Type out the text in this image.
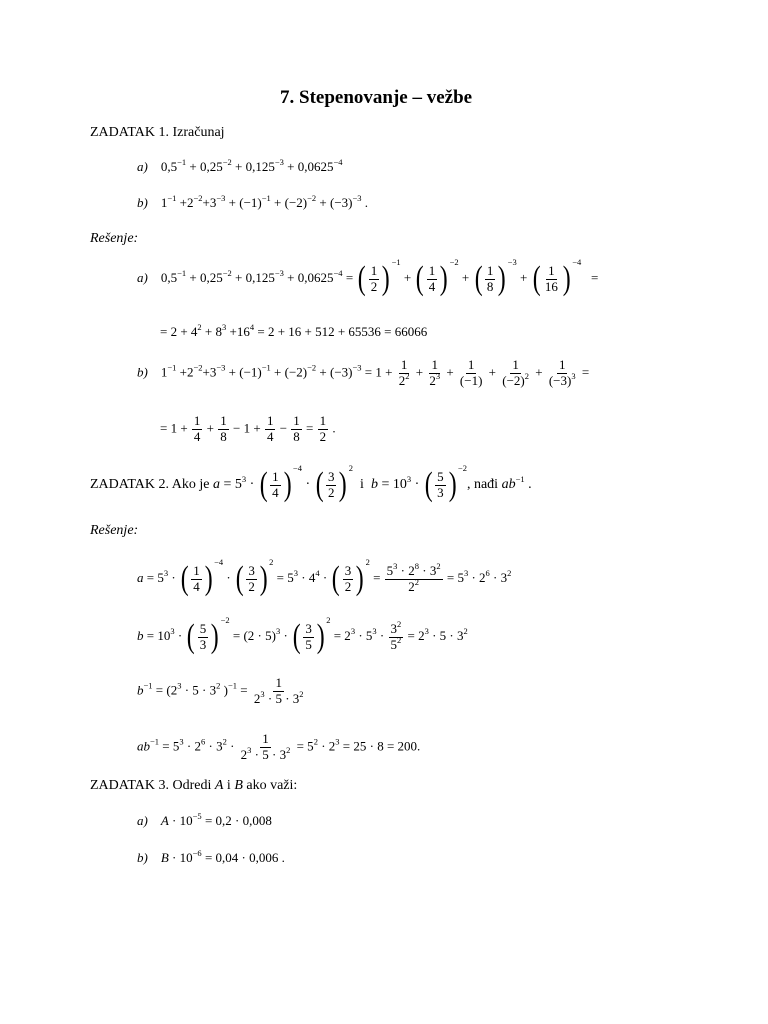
7. Stepenovanje – vežbe
ZADATAK 1. Izračunaj
a)    $0,5^{-1} + 0,25^{-2} + 0,125^{-3} + 0,0625^{-4}$
b)    $1^{-1} +2^{-2}+3^{-3} + (-1)^{-1} + (-2)^{-2} + (-3)^{-3}$ .
Rešenje:
a)    $0,5^{-1} + 0,25^{-2} + 0,125^{-3} + 0,0625^{-4}$ = ( $\frac{1}{2}$ ) −1
+ ( $\frac{1}{4}$ ) −2
+ ( $\frac{1}{8}$ ) −3
+ ( $\frac{1}{16}$ ) −4
=
= $2 + 4^2 + 8^3 +16^4 = 2 + 16 + 512 + 65536 = 66066$
b)    $1^{-1} +2^{-2}+3^{-3} + (-1)^{-1} + (-2)^{-2} + (-3)^{-3} = 1 + \frac{1}{2^2} + \frac{1}{2^3} + \frac{1}{(-1)} + \frac{1}{(-2)^2} + \frac{1}{(-3)^3}$ =
= $1 + \frac{1}{4} + \frac{1}{8} - 1 + \frac{1}{4} - \frac{1}{8} = \frac{1}{2}$ .
ZADATAK 2. Ako je $a = 5^3$ · ( $\frac{1}{4}$ ) −4
· ( $\frac{3}{2}$ ) 2
i $b = 10^3$ · ( $\frac{5}{3}$ ) −2
, nađi $ab^{-1}$ .
Rešenje:
$a = 5^3$ · ( $\frac{1}{4}$ ) −4
· ( $\frac{3}{2}$ ) 2
= $5^3 \cdot 4^4$ · ( $\frac{3}{2}$ ) 2
= $\frac{5^3 \cdot 2^8 \cdot 3^2}{2^2} = 5^3 \cdot 2^6 \cdot 3^2$
$b = 10^3$ · ( $\frac{5}{3}$ ) −2
= $(2 \cdot 5)^3$ · ( $\frac{3}{5}$ ) 2
= $2^3 \cdot 5^3 \cdot \frac{3^2}{5^2} = 2^3 \cdot 5 \cdot 3^2$
$b^{-1} = (2^3 \cdot 5 \cdot 3^2$ )$^{-1} = \frac{1}{2^3 \cdot 5 \cdot 3^2}$
$ab^{-1} = 5^3 \cdot 2^6 \cdot 3^2 \cdot \frac{1}{2^3 \cdot 5 \cdot 3^2} = 5^2 \cdot 2^3 = 25 \cdot 8 = 200$.
ZADATAK 3. Odredi A i B ako važi:
a) $A \cdot 10^{-5} = 0,2 \cdot 0,008$
b) $B \cdot 10^{-6} = 0,04 \cdot 0,006$ .
